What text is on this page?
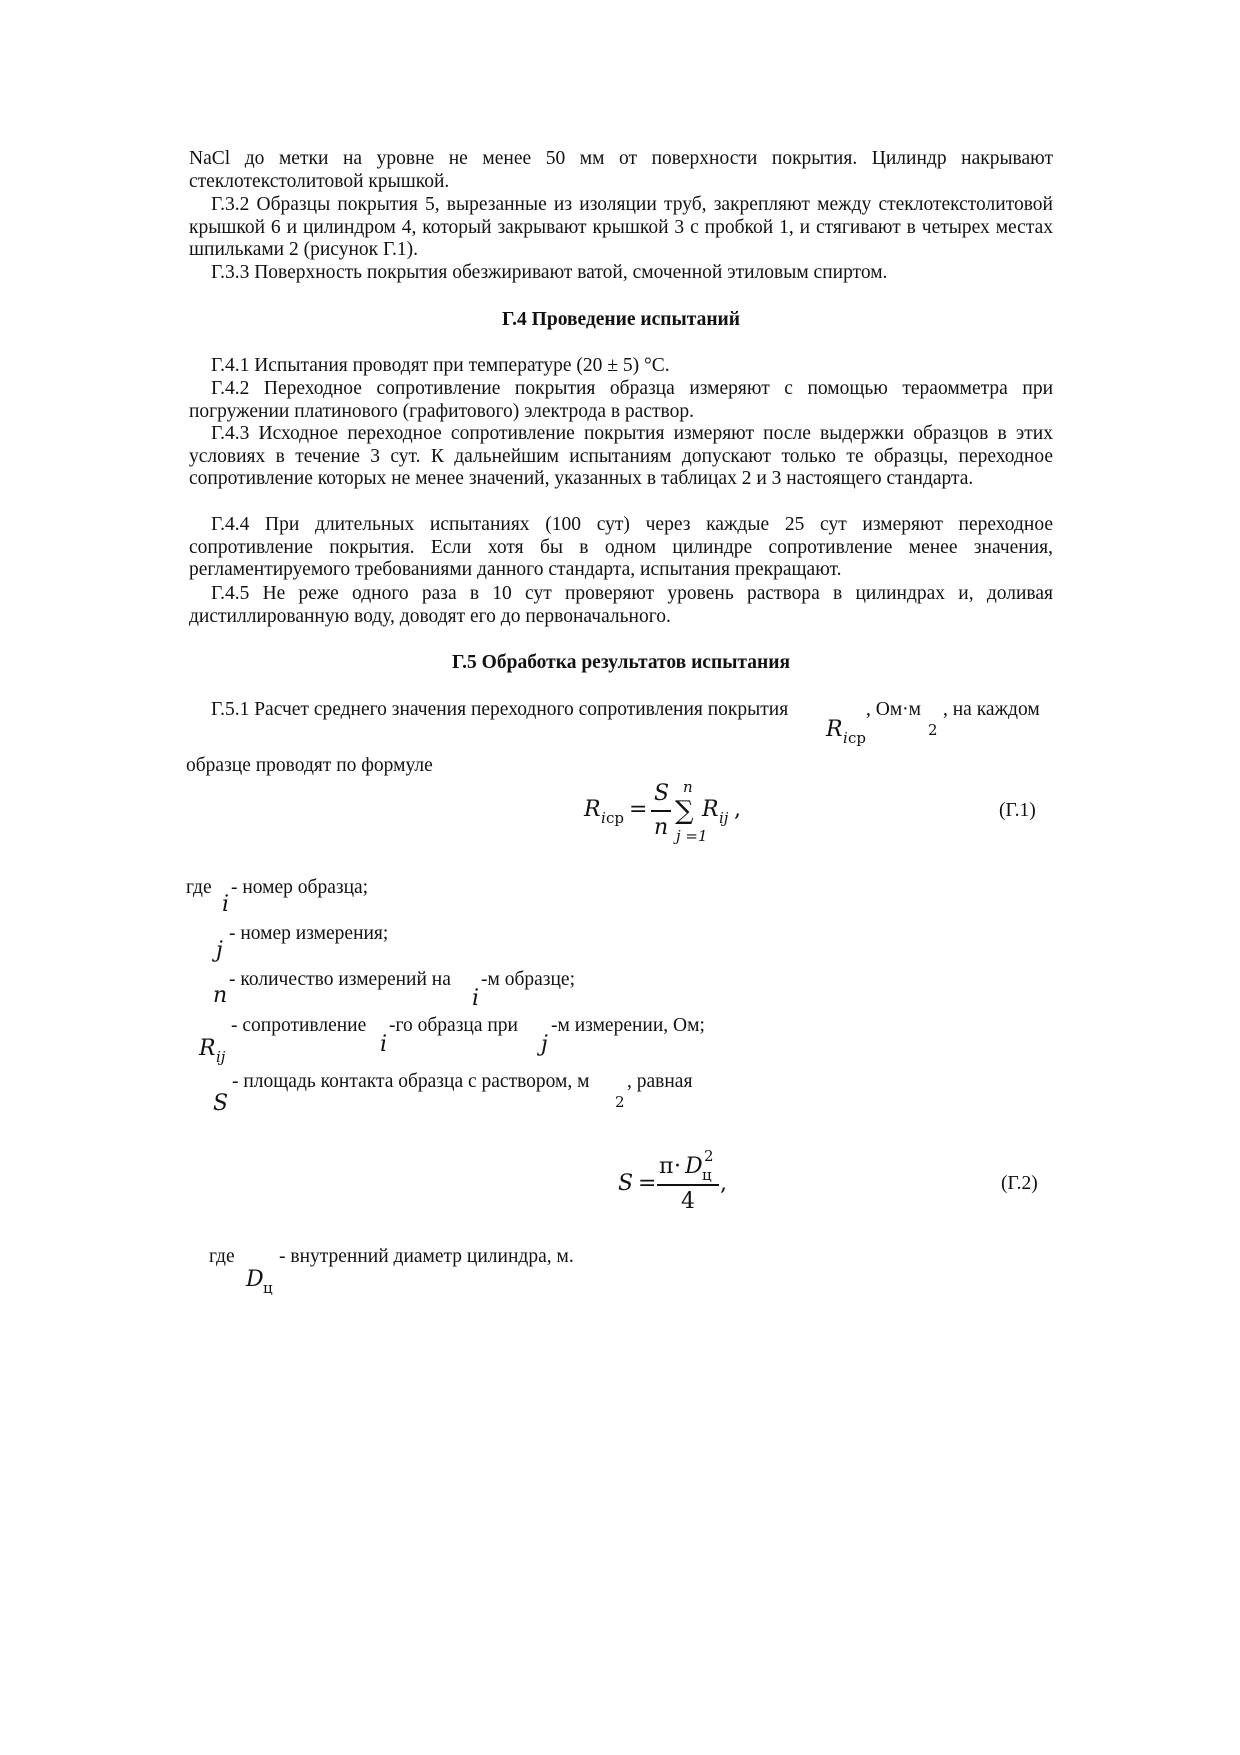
NaCl до метки на уровне не менее 50 мм от поверхности покрытия. Цилиндр накрывают стеклотекстолитовой крышкой.

Г.3.2 Образцы покрытия 5, вырезанные из изоляции труб, закрепляют между стеклотекстолитовой крышкой 6 и цилиндром 4, который закрывают крышкой 3 с пробкой 1, и стягивают в четырех местах шпильками 2 (рисунок Г.1).

Г.3.3 Поверхность покрытия обезжиривают ватой, смоченной этиловым спиртом.

Г.4 Проведение испытаний

Г.4.1 Испытания проводят при температуре (20 ± 5) °С.

Г.4.2 Переходное сопротивление покрытия образца измеряют с помощью тераомметра при погружении платинового (графитового) электрода в раствор.

Г.4.3 Исходное переходное сопротивление покрытия измеряют после выдержки образцов в этих условиях в течение 3 сут. К дальнейшим испытаниям допускают только те образцы, переходное сопротивление которых не менее значений, указанных в таблицах 2 и 3 настоящего стандарта.

Г.4.4 При длительных испытаниях (100 сут) через каждые 25 сут измеряют переходное сопротивление покрытия. Если хотя бы в одном цилиндре сопротивление менее значения, регламентируемого требованиями данного стандарта, испытания прекращают.

Г.4.5 Не реже одного раза в 10 сут проверяют уровень раствора в цилиндрах и, доливая дистиллированную воду, доводят его до первоначального.

Г.5 Обработка результатов испытания
Г.5.1 Расчет среднего значения переходного сопротивления покрытия
R i ср
, Ом·м
2
, на каждом
образце проводят по формуле
R i ср =
S
n
n
∑
j =1
R ij ,	(Г.1)
где
i
- номер образца;
j
- номер измерения;
n
- количество измерений на
i
-м образце;
R ij
- сопротивление
i
-го образца при
j
-м измерении, Ом;
S
- площадь контакта образца с раствором, м
2
, равная
S =
π · D ц
2
4
,	(Г.2)
где
D ц
- внутренний диаметр цилиндра, м.
